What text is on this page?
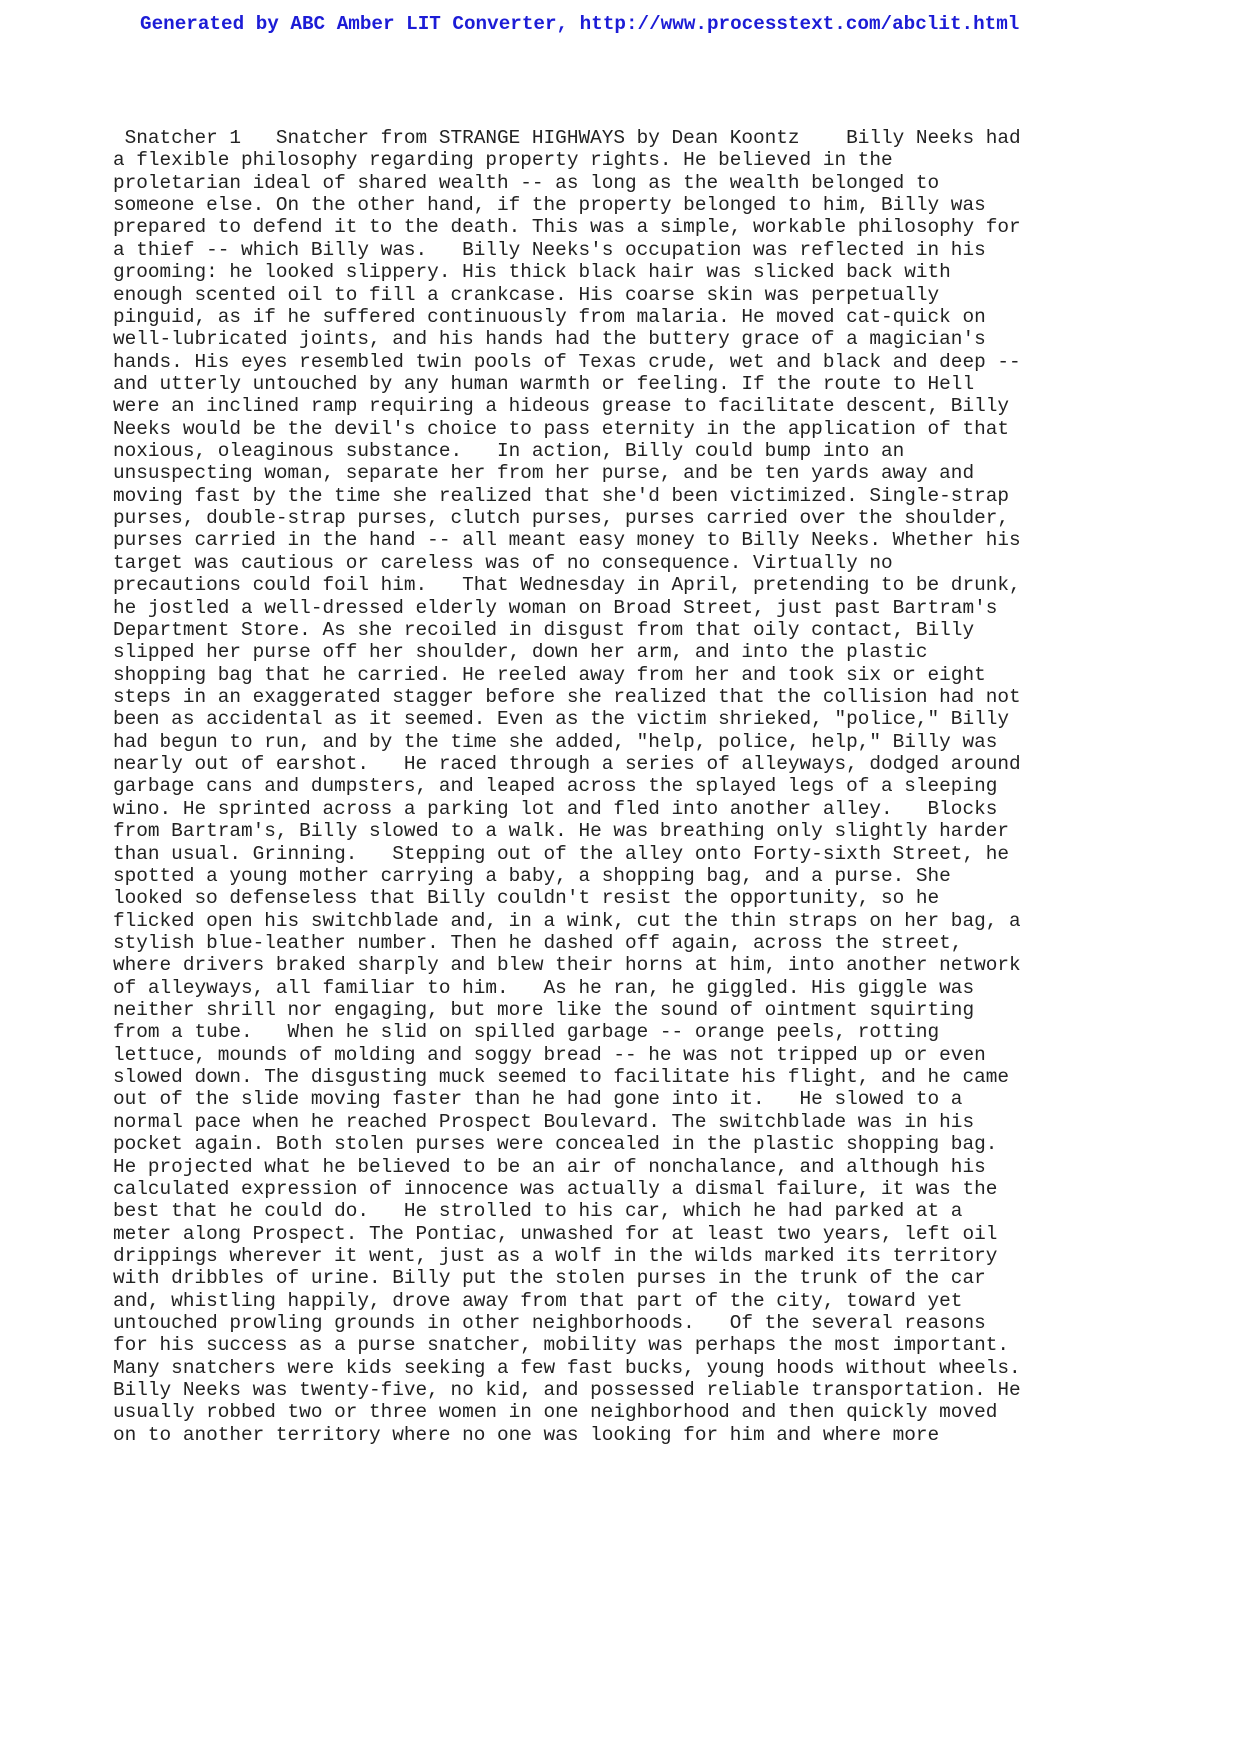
Generated by ABC Amber LIT Converter, http://www.processtext.com/abclit.html
Snatcher 1   Snatcher from STRANGE HIGHWAYS by Dean Koontz    Billy Neeks had
a flexible philosophy regarding property rights. He believed in the
proletarian ideal of shared wealth -- as long as the wealth belonged to
someone else. On the other hand, if the property belonged to him, Billy was
prepared to defend it to the death. This was a simple, workable philosophy for
a thief -- which Billy was.   Billy Neeks's occupation was reflected in his
grooming: he looked slippery. His thick black hair was slicked back with
enough scented oil to fill a crankcase. His coarse skin was perpetually
pinguid, as if he suffered continuously from malaria. He moved cat-quick on
well-lubricated joints, and his hands had the buttery grace of a magician's
hands. His eyes resembled twin pools of Texas crude, wet and black and deep --
and utterly untouched by any human warmth or feeling. If the route to Hell
were an inclined ramp requiring a hideous grease to facilitate descent, Billy
Neeks would be the devil's choice to pass eternity in the application of that
noxious, oleaginous substance.   In action, Billy could bump into an
unsuspecting woman, separate her from her purse, and be ten yards away and
moving fast by the time she realized that she'd been victimized. Single-strap
purses, double-strap purses, clutch purses, purses carried over the shoulder,
purses carried in the hand -- all meant easy money to Billy Neeks. Whether his
target was cautious or careless was of no consequence. Virtually no
precautions could foil him.   That Wednesday in April, pretending to be drunk,
he jostled a well-dressed elderly woman on Broad Street, just past Bartram's
Department Store. As she recoiled in disgust from that oily contact, Billy
slipped her purse off her shoulder, down her arm, and into the plastic
shopping bag that he carried. He reeled away from her and took six or eight
steps in an exaggerated stagger before she realized that the collision had not
been as accidental as it seemed. Even as the victim shrieked, "police," Billy
had begun to run, and by the time she added, "help, police, help," Billy was
nearly out of earshot.   He raced through a series of alleyways, dodged around
garbage cans and dumpsters, and leaped across the splayed legs of a sleeping
wino. He sprinted across a parking lot and fled into another alley.   Blocks
from Bartram's, Billy slowed to a walk. He was breathing only slightly harder
than usual. Grinning.   Stepping out of the alley onto Forty-sixth Street, he
spotted a young mother carrying a baby, a shopping bag, and a purse. She
looked so defenseless that Billy couldn't resist the opportunity, so he
flicked open his switchblade and, in a wink, cut the thin straps on her bag, a
stylish blue-leather number. Then he dashed off again, across the street,
where drivers braked sharply and blew their horns at him, into another network
of alleyways, all familiar to him.   As he ran, he giggled. His giggle was
neither shrill nor engaging, but more like the sound of ointment squirting
from a tube.   When he slid on spilled garbage -- orange peels, rotting
lettuce, mounds of molding and soggy bread -- he was not tripped up or even
slowed down. The disgusting muck seemed to facilitate his flight, and he came
out of the slide moving faster than he had gone into it.   He slowed to a
normal pace when he reached Prospect Boulevard. The switchblade was in his
pocket again. Both stolen purses were concealed in the plastic shopping bag.
He projected what he believed to be an air of nonchalance, and although his
calculated expression of innocence was actually a dismal failure, it was the
best that he could do.   He strolled to his car, which he had parked at a
meter along Prospect. The Pontiac, unwashed for at least two years, left oil
drippings wherever it went, just as a wolf in the wilds marked its territory
with dribbles of urine. Billy put the stolen purses in the trunk of the car
and, whistling happily, drove away from that part of the city, toward yet
untouched prowling grounds in other neighborhoods.   Of the several reasons
for his success as a purse snatcher, mobility was perhaps the most important.
Many snatchers were kids seeking a few fast bucks, young hoods without wheels.
Billy Neeks was twenty-five, no kid, and possessed reliable transportation. He
usually robbed two or three women in one neighborhood and then quickly moved
on to another territory where no one was looking for him and where more
